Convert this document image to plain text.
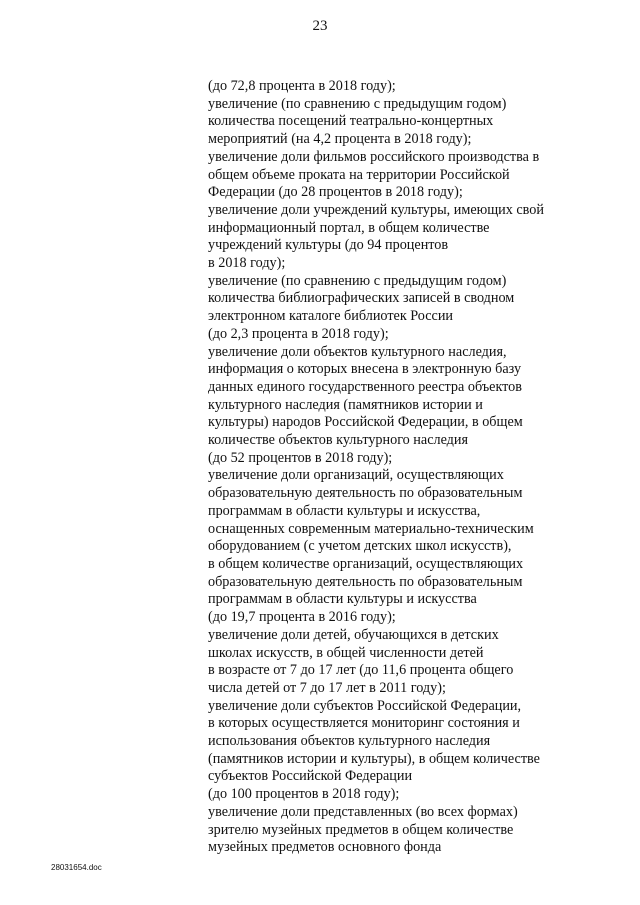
23
(до 72,8 процента в 2018 году);
увеличение (по сравнению с предыдущим годом)
количества посещений театрально-концертных
мероприятий (на 4,2 процента в 2018 году);
увеличение доли фильмов российского производства в
общем объеме проката на территории Российской
Федерации (до 28 процентов в 2018 году);
увеличение доли учреждений культуры, имеющих свой
информационный портал, в общем количестве
учреждений культуры (до 94 процентов
в 2018 году);
увеличение (по сравнению с предыдущим годом)
количества библиографических записей в сводном
электронном каталоге библиотек России
(до 2,3 процента в 2018 году);
увеличение доли объектов культурного наследия,
информация о которых внесена в электронную базу
данных единого государственного реестра объектов
культурного наследия (памятников истории и
культуры) народов Российской Федерации, в общем
количестве объектов культурного наследия
(до 52 процентов в 2018 году);
увеличение доли организаций, осуществляющих
образовательную деятельность по образовательным
программам в области культуры и искусства,
оснащенных современным материально-техническим
оборудованием (с учетом детских школ искусств),
в общем количестве организаций, осуществляющих
образовательную деятельность по образовательным
программам в области культуры и искусства
(до 19,7 процента в 2016 году);
увеличение доли детей, обучающихся в детских
школах искусств, в общей численности детей
в возрасте от 7 до 17 лет (до 11,6 процента общего
числа детей от 7 до 17 лет в 2011 году);
увеличение доли субъектов Российской Федерации,
в которых осуществляется мониторинг состояния и
использования объектов культурного наследия
(памятников истории и культуры), в общем количестве
субъектов Российской Федерации
(до 100 процентов в 2018 году);
увеличение доли представленных (во всех формах)
зрителю музейных предметов в общем количестве
музейных предметов основного фонда
28031654.doc
